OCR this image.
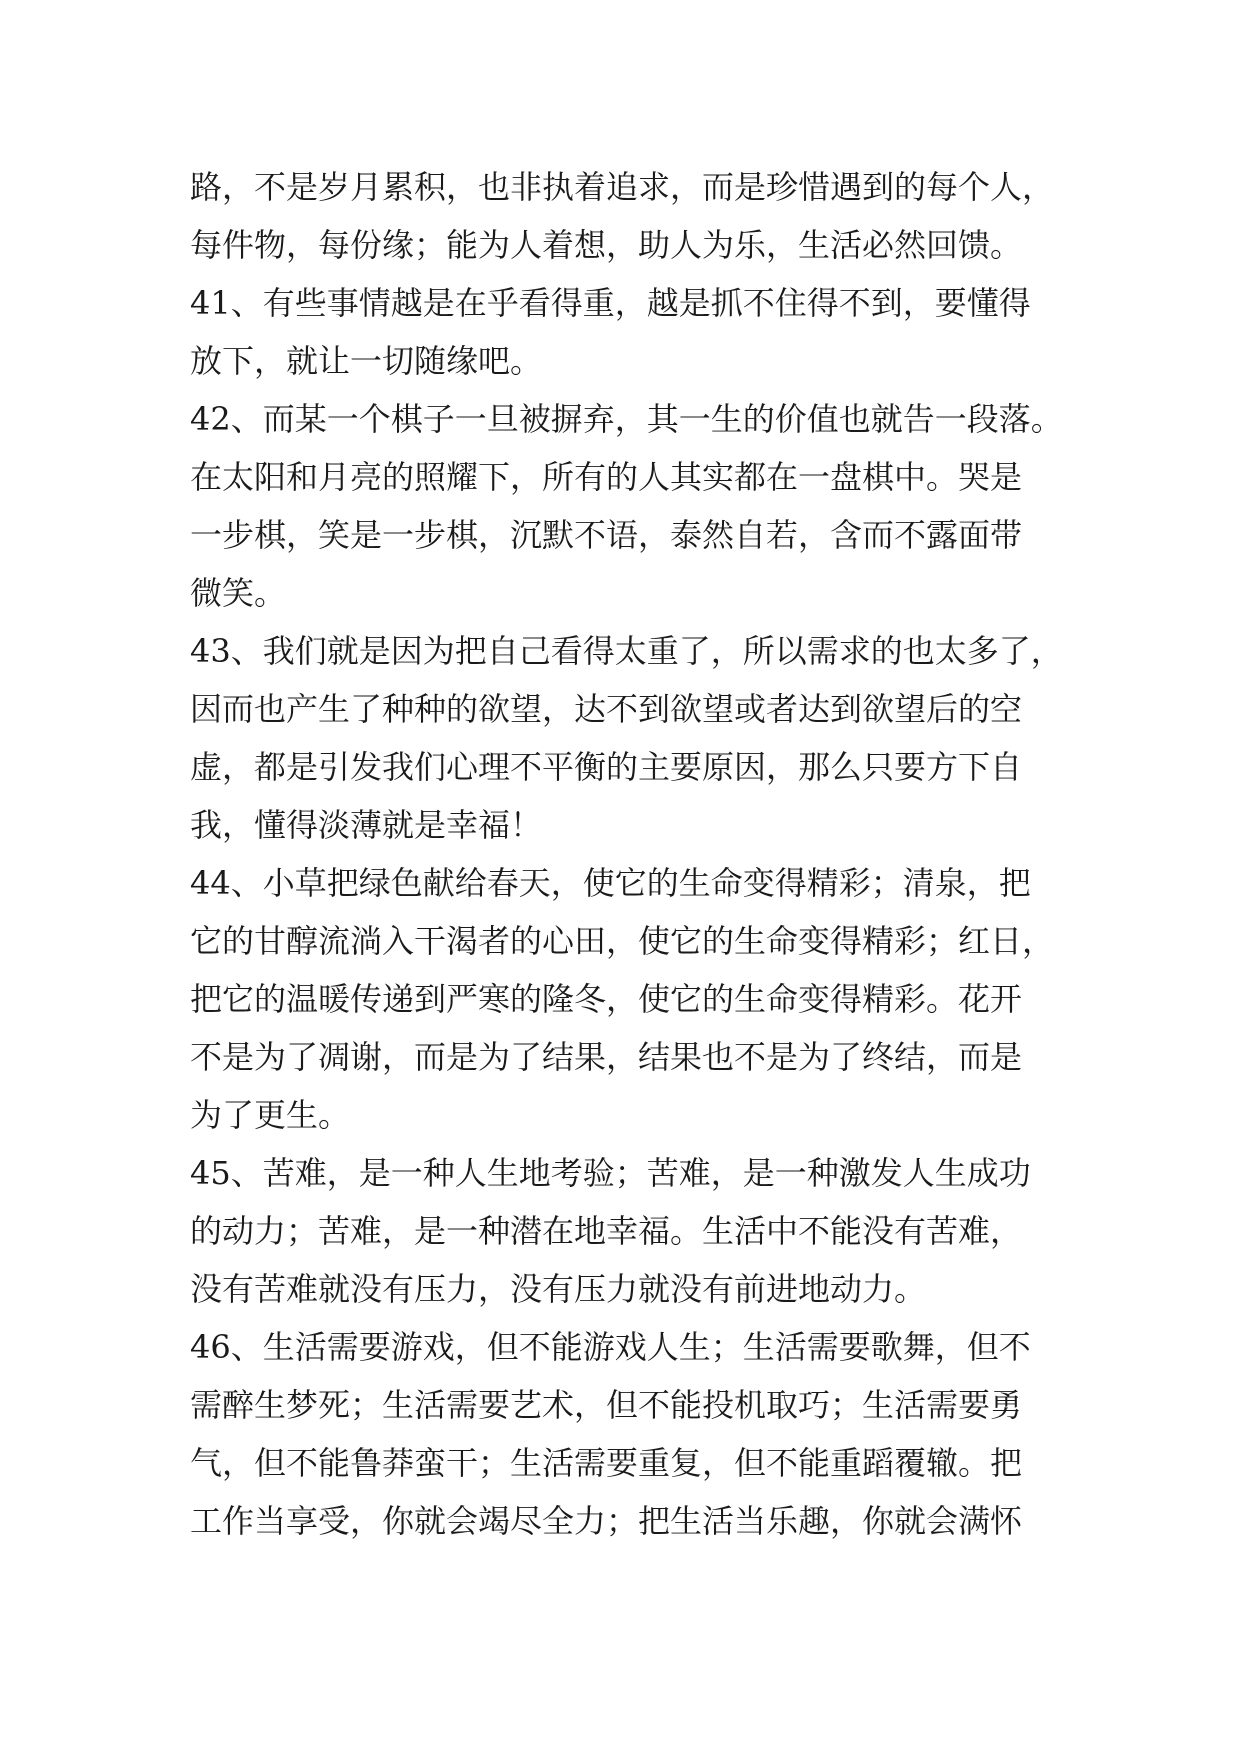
路，不是岁月累积，也非执着追求，而是珍惜遇到的每个人，
每件物，每份缘；能为人着想，助人为乐，生活必然回馈。
41、有些事情越是在乎看得重，越是抓不住得不到，要懂得
放下，就让一切随缘吧。
42、而某一个棋子一旦被摒弃，其一生的价值也就告一段落。
在太阳和月亮的照耀下，所有的人其实都在一盘棋中。哭是
一步棋，笑是一步棋，沉默不语，泰然自若，含而不露面带
微笑。
43、我们就是因为把自己看得太重了，所以需求的也太多了，
因而也产生了种种的欲望，达不到欲望或者达到欲望后的空
虚，都是引发我们心理不平衡的主要原因，那么只要方下自
我，懂得淡薄就是幸福！
44、小草把绿色献给春天，使它的生命变得精彩；清泉，把
它的甘醇流淌入干渴者的心田，使它的生命变得精彩；红日，
把它的温暖传递到严寒的隆冬，使它的生命变得精彩。花开
不是为了凋谢，而是为了结果，结果也不是为了终结，而是
为了更生。
45、苦难，是一种人生地考验；苦难，是一种激发人生成功
的动力；苦难，是一种潜在地幸福。生活中不能没有苦难，
没有苦难就没有压力，没有压力就没有前进地动力。
46、生活需要游戏，但不能游戏人生；生活需要歌舞，但不
需醉生梦死；生活需要艺术，但不能投机取巧；生活需要勇
气，但不能鲁莽蛮干；生活需要重复，但不能重蹈覆辙。把
工作当享受，你就会竭尽全力；把生活当乐趣，你就会满怀
